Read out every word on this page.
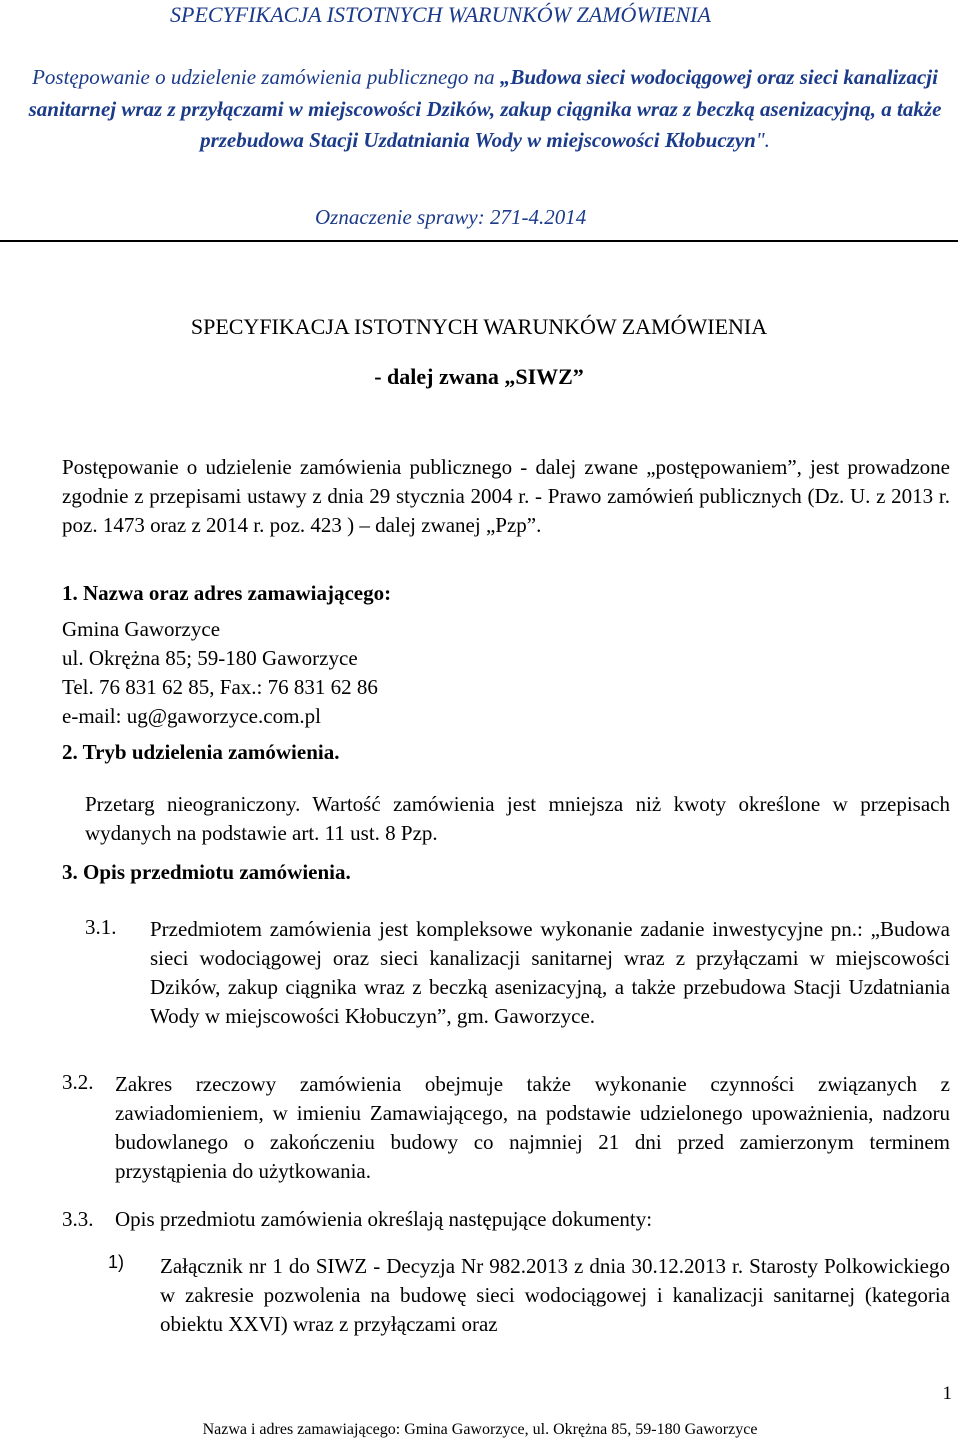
SPECYFIKACJA ISTOTNYCH WARUNKÓW ZAMÓWIENIA
Postępowanie o udzielenie zamówienia publicznego na „Budowa sieci wodociągowej oraz sieci kanalizacji sanitarnej wraz z przyłączami w miejscowości Dzików, zakup ciągnika wraz z beczką asenizacyjną, a także przebudowa Stacji Uzdatniania Wody w miejscowości Kłobuczyn".
Oznaczenie sprawy: 271-4.2014
SPECYFIKACJA ISTOTNYCH WARUNKÓW ZAMÓWIENIA
- dalej zwana „SIWZ”
Postępowanie o udzielenie zamówienia publicznego - dalej zwane „postępowaniem”, jest prowadzone zgodnie z przepisami ustawy z dnia 29 stycznia 2004 r. - Prawo zamówień publicznych (Dz. U. z 2013 r. poz. 1473 oraz z 2014 r. poz. 423 ) – dalej zwanej „Pzp”.
1. Nazwa oraz adres zamawiającego:
Gmina Gaworzyce
ul. Okrężna 85; 59-180 Gaworzyce
Tel. 76 831 62 85, Fax.: 76 831 62 86
e-mail: ug@gaworzyce.com.pl
2. Tryb udzielenia zamówienia.
Przetarg nieograniczony. Wartość zamówienia jest mniejsza niż kwoty określone w przepisach wydanych na podstawie art. 11 ust. 8 Pzp.
3. Opis przedmiotu zamówienia.
3.1. Przedmiotem zamówienia jest kompleksowe wykonanie zadanie inwestycyjne pn.: „Budowa sieci wodociągowej oraz sieci kanalizacji sanitarnej wraz z przyłączami w miejscowości Dzików, zakup ciągnika wraz z beczką asenizacyjną, a także przebudowa Stacji Uzdatniania Wody w miejscowości Kłobuczyn”, gm. Gaworzyce.
3.2. Zakres rzeczowy zamówienia obejmuje także wykonanie czynności związanych z zawiadomieniem, w imieniu Zamawiającego, na podstawie udzielonego upoważnienia, nadzoru budowlanego o zakończeniu budowy co najmniej 21 dni przed zamierzonym terminem przystąpienia do użytkowania.
3.3. Opis przedmiotu zamówienia określają następujące dokumenty:
1) Załącznik nr 1 do SIWZ - Decyzja Nr 982.2013 z dnia 30.12.2013 r. Starosty Polkowickiego w zakresie pozwolenia na budowę sieci wodociągowej i kanalizacji sanitarnej (kategoria obiektu XXVI) wraz z przyłączami oraz
1
Nazwa i adres zamawiającego: Gmina Gaworzyce, ul. Okrężna 85, 59-180 Gaworzyce
